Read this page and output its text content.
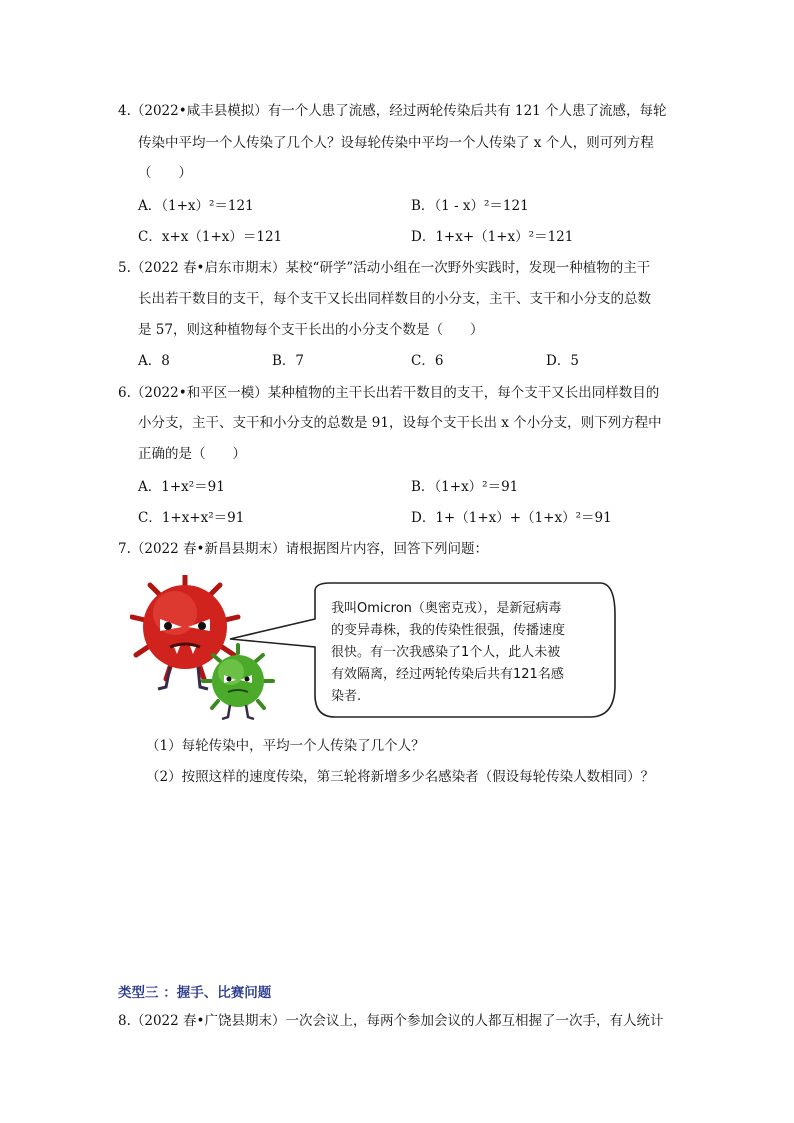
4.（2022•咸丰县模拟）有一个人患了流感，经过两轮传染后共有 121 个人患了流感，每轮
传染中平均一个人传染了几个人？设每轮传染中平均一个人传染了 x 个人，则可列方程
（　　）
A．（1+x）²＝121	B．（1 - x）²＝121
C．x+x（1+x）＝121	D．1+x+（1+x）²＝121
5.（2022 春•启东市期末）某校“研学”活动小组在一次野外实践时，发现一种植物的主干
长出若干数目的支干，每个支干又长出同样数目的小分支，主干、支干和小分支的总数
是 57，则这种植物每个支干长出的小分支个数是（　　）
A．8	B．7	C．6	D．5
6.（2022•和平区一模）某种植物的主干长出若干数目的支干，每个支干又长出同样数目的
小分支，主干、支干和小分支的总数是 91，设每个支干长出 x 个小分支，则下列方程中
正确的是（　　）
A．1+x²＝91	B．（1+x）²＝91
C．1+x+x²＝91	D．1+（1+x）+（1+x）²＝91
7.（2022 春•新昌县期末）请根据图片内容，回答下列问题：
我叫Omicron（奥密克戎），是新冠病毒
的变异毒株，我的传染性很强，传播速度
很快。有一次我感染了1个人，此人未被
有效隔离，经过两轮传染后共有121名感
染者.
（1）每轮传染中，平均一个人传染了几个人？
（2）按照这样的速度传染，第三轮将新增多少名感染者（假设每轮传染人数相同）？
类型三 ：握手、比赛问题
8.（2022 春•广饶县期末）一次会议上，每两个参加会议的人都互相握了一次手，有人统计
